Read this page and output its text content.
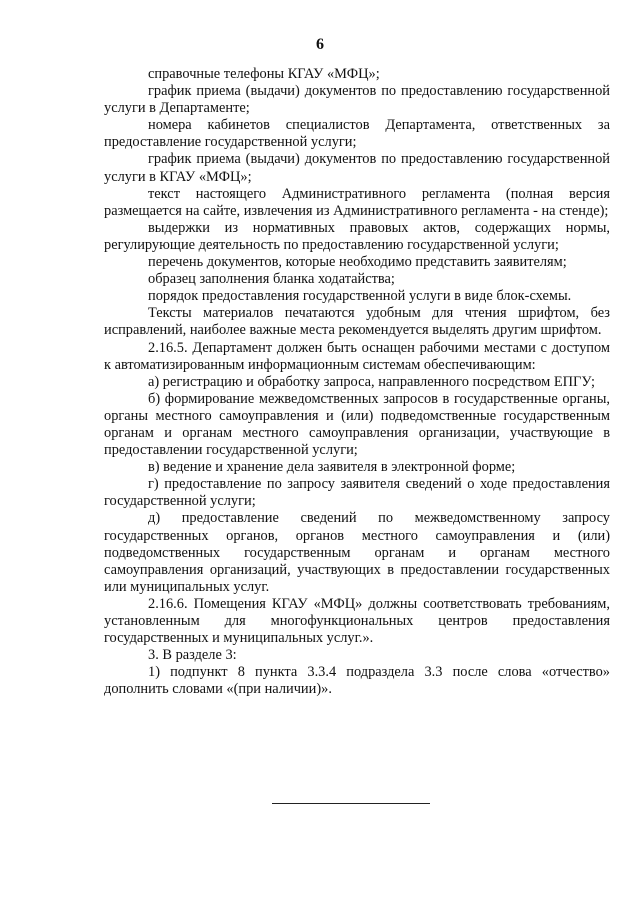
6

справочные телефоны КГАУ «МФЦ»;

график приема (выдачи) документов по предоставлению государственной услуги в Департаменте;

номера кабинетов специалистов Департамента, ответственных за предоставление государственной услуги;

график приема (выдачи) документов по предоставлению государственной услуги в КГАУ «МФЦ»;

текст настоящего Административного регламента (полная версия размещается на сайте, извлечения из Административного регламента - на стенде);

выдержки из нормативных правовых актов, содержащих нормы, регулирующие деятельность по предоставлению государственной услуги;

перечень документов, которые необходимо представить заявителям;

образец заполнения бланка ходатайства;

порядок предоставления государственной услуги в виде блок-схемы.

Тексты материалов печатаются удобным для чтения шрифтом, без исправлений, наиболее важные места рекомендуется выделять другим шрифтом.

2.16.5. Департамент должен быть оснащен рабочими местами с доступом к автоматизированным информационным системам обеспечивающим:

а) регистрацию и обработку запроса, направленного посредством ЕПГУ;

б) формирование межведомственных запросов в государственные органы, органы местного самоуправления и (или) подведомственные государственным органам и органам местного самоуправления организации, участвующие в предоставлении государственной услуги;

в) ведение и хранение дела заявителя в электронной форме;

г) предоставление по запросу заявителя сведений о ходе предоставления государственной услуги;

д) предоставление сведений по межведомственному запросу государственных органов, органов местного самоуправления и (или) подведомственных государственным органам и органам местного самоуправления организаций, участвующих в предоставлении государственных или муниципальных услуг.

2.16.6. Помещения КГАУ «МФЦ» должны соответствовать требованиям, установленным для многофункциональных центров предоставления государственных и муниципальных услуг.».

3. В разделе 3:

1) подпункт 8 пункта 3.3.4 подраздела 3.3 после слова «отчество» дополнить словами «(при наличии)».
